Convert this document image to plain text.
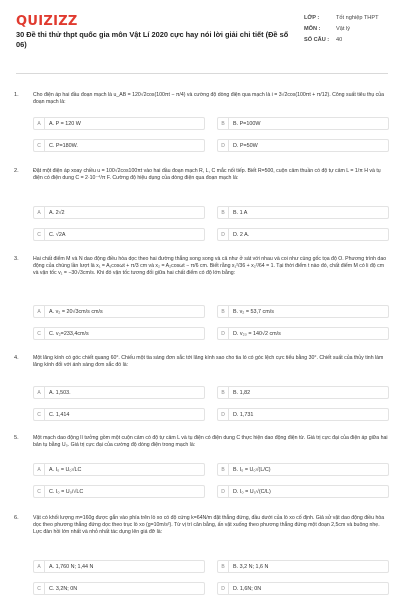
QUIZIZZ
30 Đề thi thử thpt quốc gia môn Vật Lí 2020 cực hay nói lời giải chi tiết (Đề số 06)
LỚP :	Tốt nghiệp THPT
MÔN :	Vật lý
SỐ CÂU :	40
1.	Cho điện áp hai đầu đoạn mạch là u_AB = 120√2cos(100πt − π/4) và cường độ dòng điện qua mạch là i = 3√2cos(100πt + π/12). Công suất tiêu thụ của đoạn mạch là:
A	A. P = 120 W	B	B. P=100W
C	C. P=180W.	D	D. P=50W
2.	Đặt một điện áp xoay chiều u = 100√2cos100πt vào hai đầu đoạn mạch R, L, C mắc nối tiếp. Biết R=500, cuộn cảm thuần có độ tự cảm L = 1/π H và tụ điện có điện dung C = 2·10⁻⁴/π F. Cường độ hiệu dụng của dòng điện qua đoạn mạch là:
A	A. 2√2	B	B. 1 A
C	C. √2A	D	D. 2 A.
3.	Hai chất điểm M và N dao động điều hòa dọc theo hai đường thẳng song song và cả như ở sát với nhau và coi như cùng gốc tọa độ O. Phương trình dao động của chúng lần lượt là x₁ = A₁cosωt + π/3 cm và x₂ = A₂cosωt − π/6 cm. Biết rằng x₁²/36 + x₂²/64 = 1. Tại thời điểm t nào đó, chất điểm M có li độ cm và vận tốc v₁ = −30√3cm/s. Khi đó vận tốc tương đối giữa hai chất điểm có độ lớn bằng:
A	A. v₂ = 20√3cm/s cm/s	B	B. v₂ = 53,7 cm/s
C	C. v₂=233,4cm/s	D	D. v₂₃ = 140√2 cm/s
4.	Một lăng kính có góc chiết quang 60°. Chiếu một tia sáng đơn sắc tới lăng kính sao cho tia ló có góc lệch cực tiểu bằng 30°. Chiết suất của thủy tinh làm lăng kính đối với ánh sáng đơn sắc đó là:
A	A. 1,503.	B	B. 1,82
C	C. 1,414	D	D. 1,731
5.	Một mạch dao động lí tưởng gồm một cuộn cảm có độ tự cảm L và tụ điện có điện dung C thực hiện dao động điện từ. Giá trị cực đại của điện áp giữa hai bản tụ bằng U₀. Giá trị cực đại của cường độ dòng điện trong mạch là:
A	A. I₀ = U₀√LC	B	B. I₀ = U₀√(L/C)
C	C. I₀ = U₀/√LC	D	D. I₀ = U₀√(C/L)
6.	Vật có khối lượng m=160g được gắn vào phía trên lò xo có độ cứng k=64N/m đặt thẳng đứng, đầu dưới của lò xo cố định. Giả sử vật dao động điều hòa dọc theo phương thẳng đứng dọc theo trục lò xo (g=10m/s²). Từ vị trí cân bằng, ấn vật xuống theo phương thẳng đứng một đoạn 2,5cm và buông nhẹ. Lực đàn hồi lớn nhất và nhỏ nhất tác dụng lên giá đỡ là:
A	A. 1,760 N; 1,44 N	B	B. 3,2 N; 1,6 N
C	C. 3,2N; 0N	D	D. 1,6N; 0N
